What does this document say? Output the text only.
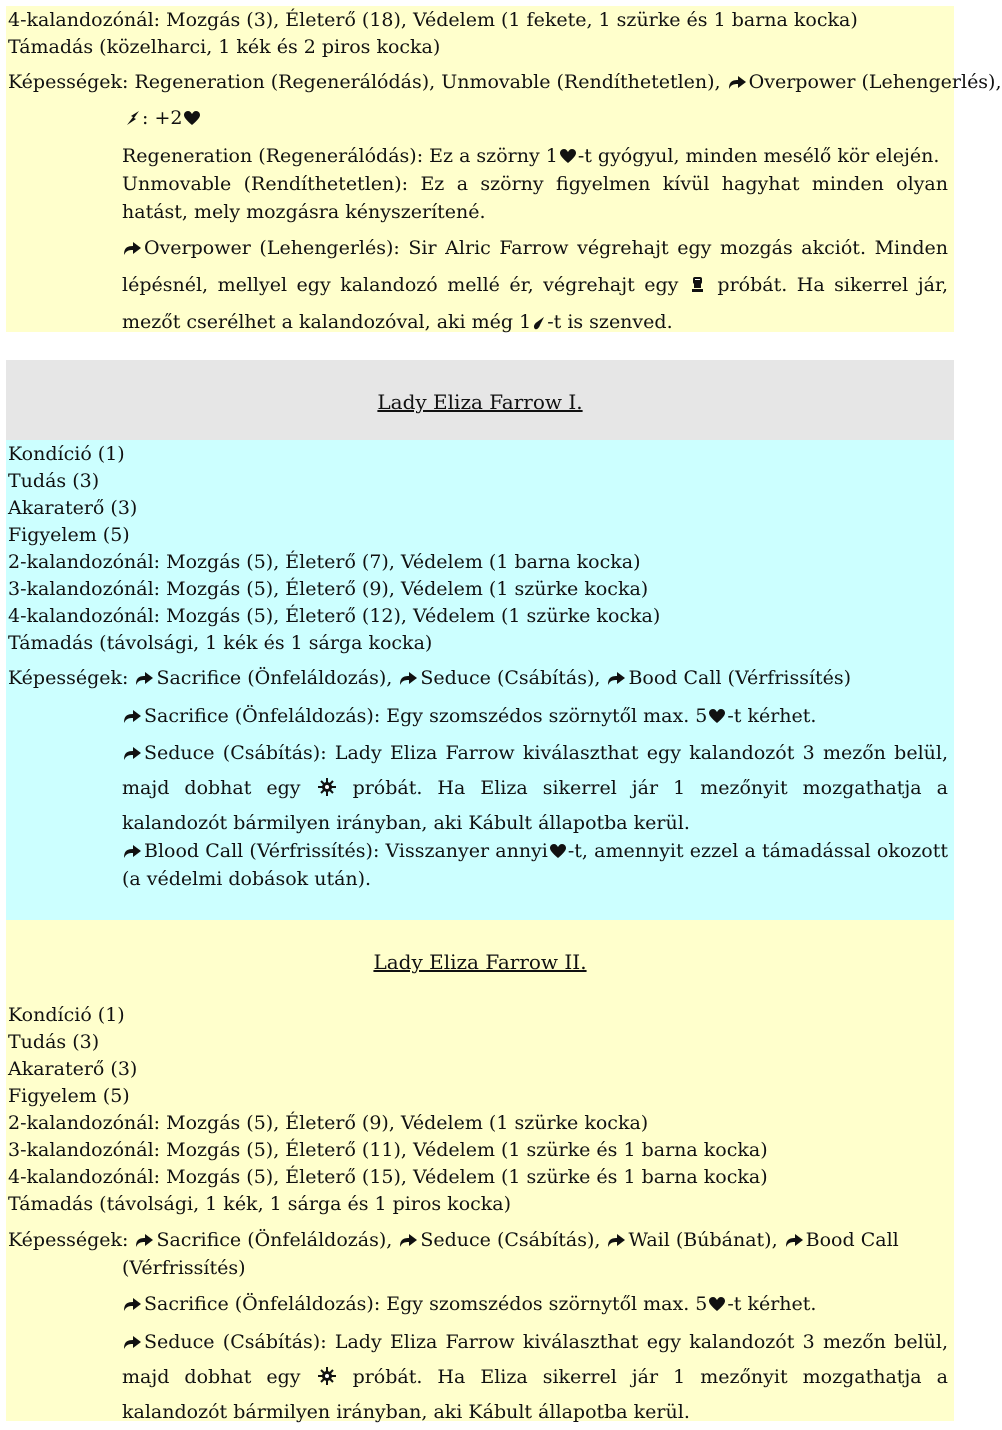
4-kalandozónál: Mozgás (3), Életerő (18), Védelem (1 fekete, 1 szürke és 1 barna kocka)
Támadás (közelharci, 1 kék és 2 piros kocka)
Képességek: Regeneration (Regenerálódás), Unmovable (Rendíthetetlen), Overpower (Lehengerlés),
: +2
Regeneration (Regenerálódás): Ez a szörny 1 -t gyógyul, minden mesélő kör elején.
Unmovable (Rendíthetetlen): Ez a szörny figyelmen kívül hagyhat minden olyan hatást, mely mozgásra kényszerítené.
Overpower (Lehengerlés): Sir Alric Farrow végrehajt egy mozgás akciót. Minden lépésnél, mellyel egy kalandozó mellé ér, végrehajt egy próbát. Ha sikerrel jár, mezőt cserélhet a kalandozóval, aki még 1 -t is szenved.
Lady Eliza Farrow I.
Kondíció (1)
Tudás (3)
Akaraterő (3)
Figyelem (5)
2-kalandozónál: Mozgás (5), Életerő (7), Védelem (1 barna kocka)
3-kalandozónál: Mozgás (5), Életerő (9), Védelem (1 szürke kocka)
4-kalandozónál: Mozgás (5), Életerő (12), Védelem (1 szürke kocka)
Támadás (távolsági, 1 kék és 1 sárga kocka)
Képességek: Sacrifice (Önfeláldozás), Seduce (Csábítás), Bood Call (Vérfrissítés)
Sacrifice (Önfeláldozás): Egy szomszédos szörnytől max. 5 -t kérhet.
Seduce (Csábítás): Lady Eliza Farrow kiválaszthat egy kalandozót 3 mezőn belül, majd dobhat egy	próbát. Ha Eliza sikerrel jár 1 mezőnyit mozgathatja a kalandozót bármilyen irányban, aki Kábult állapotba kerül.
Blood Call (Vérfrissítés): Visszanyer annyi -t, amennyit ezzel a támadással okozott (a védelmi dobások után).
Lady Eliza Farrow II.
Kondíció (1)
Tudás (3)
Akaraterő (3)
Figyelem (5)
2-kalandozónál: Mozgás (5), Életerő (9), Védelem (1 szürke kocka)
3-kalandozónál: Mozgás (5), Életerő (11), Védelem (1 szürke és 1 barna kocka)
4-kalandozónál: Mozgás (5), Életerő (15), Védelem (1 szürke és 1 barna kocka)
Támadás (távolsági, 1 kék, 1 sárga és 1 piros kocka)
Képességek: Sacrifice (Önfeláldozás), Seduce (Csábítás), Wail (Búbánat), Bood Call
(Vérfrissítés)
Sacrifice (Önfeláldozás): Egy szomszédos szörnytől max. 5 -t kérhet.
Seduce (Csábítás): Lady Eliza Farrow kiválaszthat egy kalandozót 3 mezőn belül, majd dobhat egy	próbát. Ha Eliza sikerrel jár 1 mezőnyit mozgathatja a kalandozót bármilyen irányban, aki Kábult állapotba kerül.
